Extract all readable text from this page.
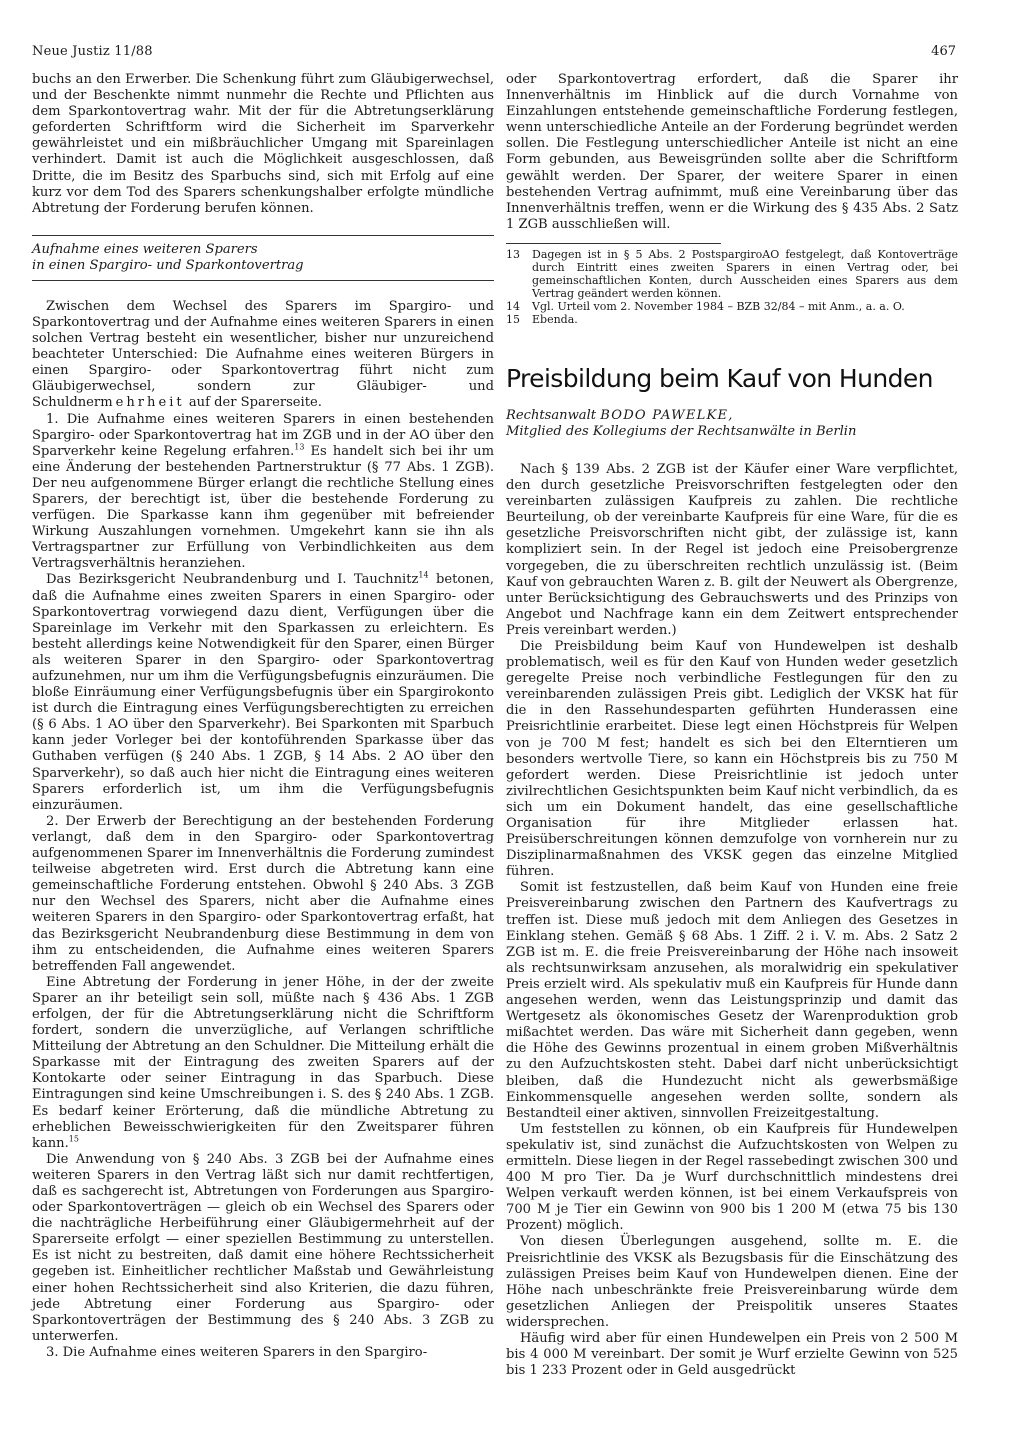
Neue Justiz 11/88	467

buchs an den Erwerber. Die Schenkung führt zum Gläubigerwechsel, und der Beschenkte nimmt nunmehr die Rechte und Pflichten aus dem Sparkontovertrag wahr. Mit der für die Abtretungserklärung geforderten Schriftform wird die Sicherheit im Sparverkehr gewährleistet und ein mißbräuchlicher Umgang mit Spareinlagen verhindert. Damit ist auch die Möglichkeit ausgeschlossen, daß Dritte, die im Besitz des Sparbuchs sind, sich mit Erfolg auf eine kurz vor dem Tod des Sparers schenkungshalber erfolgte mündliche Abtretung der Forderung berufen können.

Aufnahme eines weiteren Sparers

in einen Spargiro- und Sparkontovertrag

Zwischen dem Wechsel des Sparers im Spargiro- und Sparkontovertrag und der Aufnahme eines weiteren Sparers in einen solchen Vertrag besteht ein wesentlicher, bisher nur unzureichend beachteter Unterschied: Die Aufnahme eines weiteren Bürgers in einen Spargiro- oder Sparkontovertrag führt nicht zum Gläubigerwechsel, sondern zur Gläubiger- und Schuldnermehrheit auf der Sparerseite.

1. Die Aufnahme eines weiteren Sparers in einen bestehenden Spargiro- oder Sparkontovertrag hat im ZGB und in der AO über den Sparverkehr keine Regelung erfahren.$^{13}$ Es handelt sich bei ihr um eine Änderung der bestehenden Partnerstruktur (§ 77 Abs. 1 ZGB). Der neu aufgenommene Bürger erlangt die rechtliche Stellung eines Sparers, der berechtigt ist, über die bestehende Forderung zu verfügen. Die Sparkasse kann ihm gegenüber mit befreiender Wirkung Auszahlungen vornehmen. Umgekehrt kann sie ihn als Vertragspartner zur Erfüllung von Verbindlichkeiten aus dem Vertragsverhältnis heranziehen.

Das Bezirksgericht Neubrandenburg und I. Tauchnitz$^{14}$ betonen, daß die Aufnahme eines zweiten Sparers in einen Spargiro- oder Sparkontovertrag vorwiegend dazu dient, Verfügungen über die Spareinlage im Verkehr mit den Sparkassen zu erleichtern. Es besteht allerdings keine Notwendigkeit für den Sparer, einen Bürger als weiteren Sparer in den Spargiro- oder Sparkontovertrag aufzunehmen, nur um ihm die Verfügungsbefugnis einzuräumen. Die bloße Einräumung einer Verfügungsbefugnis über ein Spargirokonto ist durch die Eintragung eines Verfügungsberechtigten zu erreichen (§ 6 Abs. 1 AO über den Sparverkehr). Bei Sparkonten mit Sparbuch kann jeder Vorleger bei der kontoführenden Sparkasse über das Guthaben verfügen (§ 240 Abs. 1 ZGB, § 14 Abs. 2 AO über den Sparverkehr), so daß auch hier nicht die Eintragung eines weiteren Sparers erforderlich ist, um ihm die Verfügungsbefugnis einzuräumen.

2. Der Erwerb der Berechtigung an der bestehenden Forderung verlangt, daß dem in den Spargiro- oder Sparkontovertrag aufgenommenen Sparer im Innenverhältnis die Forderung zumindest teilweise abgetreten wird. Erst durch die Abtretung kann eine gemeinschaftliche Forderung entstehen. Obwohl § 240 Abs. 3 ZGB nur den Wechsel des Sparers, nicht aber die Aufnahme eines weiteren Sparers in den Spargiro- oder Sparkontovertrag erfaßt, hat das Bezirksgericht Neubrandenburg diese Bestimmung in dem von ihm zu entscheidenden, die Aufnahme eines weiteren Sparers betreffenden Fall angewendet.

Eine Abtretung der Forderung in jener Höhe, in der der zweite Sparer an ihr beteiligt sein soll, müßte nach § 436 Abs. 1 ZGB erfolgen, der für die Abtretungserklärung nicht die Schriftform fordert, sondern die unverzügliche, auf Verlangen schriftliche Mitteilung der Abtretung an den Schuldner. Die Mitteilung erhält die Sparkasse mit der Eintragung des zweiten Sparers auf der Kontokarte oder seiner Eintragung in das Sparbuch. Diese Eintragungen sind keine Umschreibungen i. S. des § 240 Abs. 1 ZGB. Es bedarf keiner Erörterung, daß die mündliche Abtretung zu erheblichen Beweisschwierigkeiten für den Zweitsparer führen kann.$^{15}$

Die Anwendung von § 240 Abs. 3 ZGB bei der Aufnahme eines weiteren Sparers in den Vertrag läßt sich nur damit rechtfertigen, daß es sachgerecht ist, Abtretungen von Forderungen aus Spargiro- oder Sparkontoverträgen — gleich ob ein Wechsel des Sparers oder die nachträgliche Herbeiführung einer Gläubigermehrheit auf der Sparerseite erfolgt — einer speziellen Bestimmung zu unterstellen. Es ist nicht zu bestreiten, daß damit eine höhere Rechtssicherheit gegeben ist. Einheitlicher rechtlicher Maßstab und Gewährleistung einer hohen Rechtssicherheit sind also Kriterien, die dazu führen, jede Abtretung einer Forderung aus Spargiro- oder Sparkontoverträgen der Bestimmung des § 240 Abs. 3 ZGB zu unterwerfen.

3. Die Aufnahme eines weiteren Sparers in den Spargiro-

oder Sparkontovertrag erfordert, daß die Sparer ihr Innenverhältnis im Hinblick auf die durch Vornahme von Einzahlungen entstehende gemeinschaftliche Forderung festlegen, wenn unterschiedliche Anteile an der Forderung begründet werden sollen. Die Festlegung unterschiedlicher Anteile ist nicht an eine Form gebunden, aus Beweisgründen sollte aber die Schriftform gewählt werden. Der Sparer, der weitere Sparer in einen bestehenden Vertrag aufnimmt, muß eine Vereinbarung über das Innenverhältnis treffen, wenn er die Wirkung des § 435 Abs. 2 Satz 1 ZGB ausschließen will.

13	Dagegen ist in § 5 Abs. 2 PostspargiroAO festgelegt, daß Kontoverträge durch Eintritt eines zweiten Sparers in einen Vertrag oder, bei gemeinschaftlichen Konten, durch Ausscheiden eines Sparers aus dem Vertrag geändert werden können.
14	Vgl. Urteil vom 2. November 1984 – BZB 32/84 – mit Anm., a. a. O.
15	Ebenda.
Preisbildung beim Kauf von Hunden

Rechtsanwalt BODO PAWELKE,

Mitglied des Kollegiums der Rechtsanwälte in Berlin

Nach § 139 Abs. 2 ZGB ist der Käufer einer Ware verpflichtet, den durch gesetzliche Preisvorschriften festgelegten oder den vereinbarten zulässigen Kaufpreis zu zahlen. Die rechtliche Beurteilung, ob der vereinbarte Kaufpreis für eine Ware, für die es gesetzliche Preisvorschriften nicht gibt, der zulässige ist, kann kompliziert sein. In der Regel ist jedoch eine Preisobergrenze vorgegeben, die zu überschreiten rechtlich unzulässig ist. (Beim Kauf von gebrauchten Waren z. B. gilt der Neuwert als Obergrenze, unter Berücksichtigung des Gebrauchswerts und des Prinzips von Angebot und Nachfrage kann ein dem Zeitwert entsprechender Preis vereinbart werden.)

Die Preisbildung beim Kauf von Hundewelpen ist deshalb problematisch, weil es für den Kauf von Hunden weder gesetzlich geregelte Preise noch verbindliche Festlegungen für den zu vereinbarenden zulässigen Preis gibt. Lediglich der VKSK hat für die in den Rassehundesparten geführten Hunderassen eine Preisrichtlinie erarbeitet. Diese legt einen Höchstpreis für Welpen von je 700 M fest; handelt es sich bei den Elterntieren um besonders wertvolle Tiere, so kann ein Höchstpreis bis zu 750 M gefordert werden. Diese Preisrichtlinie ist jedoch unter zivilrechtlichen Gesichtspunkten beim Kauf nicht verbindlich, da es sich um ein Dokument handelt, das eine gesellschaftliche Organisation für ihre Mitglieder erlassen hat. Preisüberschreitungen können demzufolge von vornherein nur zu Disziplinarmaßnahmen des VKSK gegen das einzelne Mitglied führen.

Somit ist festzustellen, daß beim Kauf von Hunden eine freie Preisvereinbarung zwischen den Partnern des Kaufvertrags zu treffen ist. Diese muß jedoch mit dem Anliegen des Gesetzes in Einklang stehen. Gemäß § 68 Abs. 1 Ziff. 2 i. V. m. Abs. 2 Satz 2 ZGB ist m. E. die freie Preisvereinbarung der Höhe nach insoweit als rechtsunwirksam anzusehen, als moralwidrig ein spekulativer Preis erzielt wird. Als spekulativ muß ein Kaufpreis für Hunde dann angesehen werden, wenn das Leistungsprinzip und damit das Wertgesetz als ökonomisches Gesetz der Warenproduktion grob mißachtet werden. Das wäre mit Sicherheit dann gegeben, wenn die Höhe des Gewinns prozentual in einem groben Mißverhältnis zu den Aufzuchtskosten steht. Dabei darf nicht unberücksichtigt bleiben, daß die Hundezucht nicht als gewerbsmäßige Einkommensquelle angesehen werden sollte, sondern als Bestandteil einer aktiven, sinnvollen Freizeitgestaltung.

Um feststellen zu können, ob ein Kaufpreis für Hundewelpen spekulativ ist, sind zunächst die Aufzuchtskosten von Welpen zu ermitteln. Diese liegen in der Regel rassebedingt zwischen 300 und 400 M pro Tier. Da je Wurf durchschnittlich mindestens drei Welpen verkauft werden können, ist bei einem Verkaufspreis von 700 M je Tier ein Gewinn von 900 bis 1 200 M (etwa 75 bis 130 Prozent) möglich.

Von diesen Überlegungen ausgehend, sollte m. E. die Preisrichtlinie des VKSK als Bezugsbasis für die Einschätzung des zulässigen Preises beim Kauf von Hundewelpen dienen. Eine der Höhe nach unbeschränkte freie Preisvereinbarung würde dem gesetzlichen Anliegen der Preispolitik unseres Staates widersprechen.

Häufig wird aber für einen Hundewelpen ein Preis von 2 500 M bis 4 000 M vereinbart. Der somit je Wurf erzielte Gewinn von 525 bis 1 233 Prozent oder in Geld ausgedrückt
